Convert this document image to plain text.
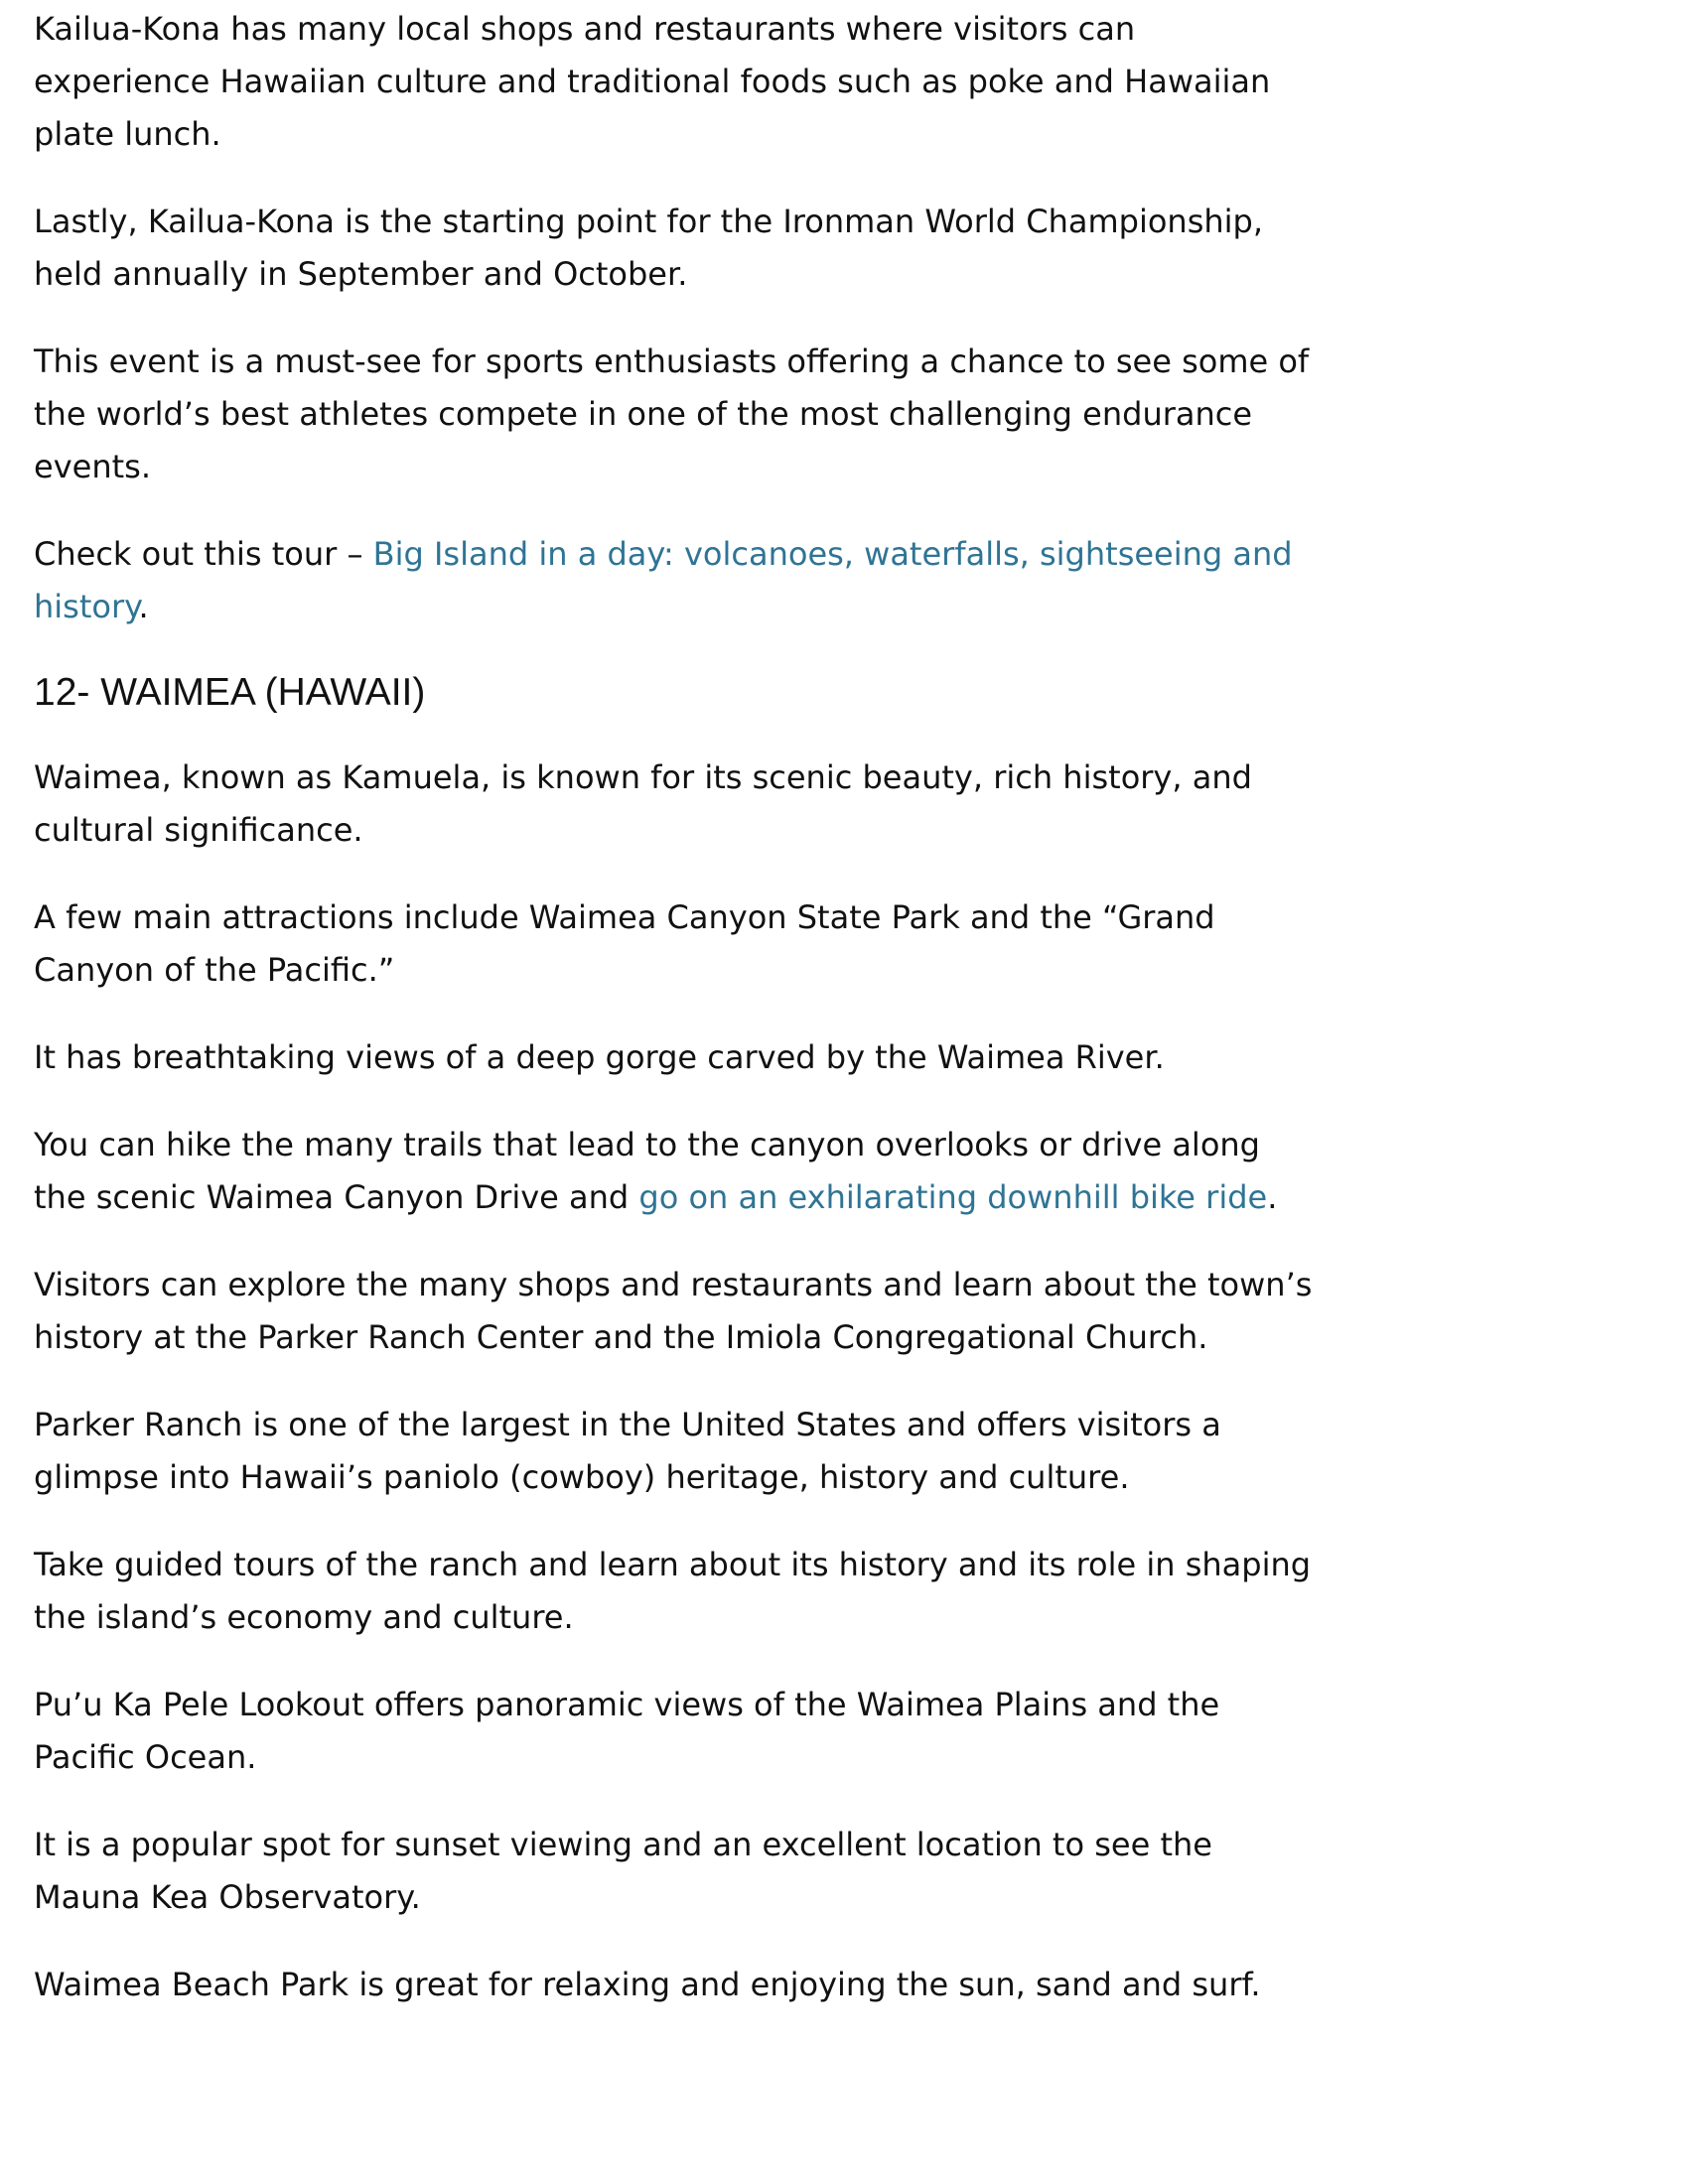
Kailua-Kona has many local shops and restaurants where visitors can experience Hawaiian culture and traditional foods such as poke and Hawaiian plate lunch.

Lastly, Kailua-Kona is the starting point for the Ironman World Championship, held annually in September and October.

This event is a must-see for sports enthusiasts offering a chance to see some of the world’s best athletes compete in one of the most challenging endurance events.

Check out this tour – Big Island in a day: volcanoes, waterfalls, sightseeing and history.

12- WAIMEA (HAWAII)

Waimea, known as Kamuela, is known for its scenic beauty, rich history, and cultural significance.

A few main attractions include Waimea Canyon State Park and the “Grand Canyon of the Pacific.”

It has breathtaking views of a deep gorge carved by the Waimea River.

You can hike the many trails that lead to the canyon overlooks or drive along the scenic Waimea Canyon Drive and go on an exhilarating downhill bike ride.

Visitors can explore the many shops and restaurants and learn about the town’s history at the Parker Ranch Center and the Imiola Congregational Church.

Parker Ranch is one of the largest in the United States and offers visitors a glimpse into Hawaii’s paniolo (cowboy) heritage, history and culture.

Take guided tours of the ranch and learn about its history and its role in shaping the island’s economy and culture.

Pu’u Ka Pele Lookout offers panoramic views of the Waimea Plains and the Pacific Ocean.

It is a popular spot for sunset viewing and an excellent location to see the Mauna Kea Observatory.

Waimea Beach Park is great for relaxing and enjoying the sun, sand and surf.
